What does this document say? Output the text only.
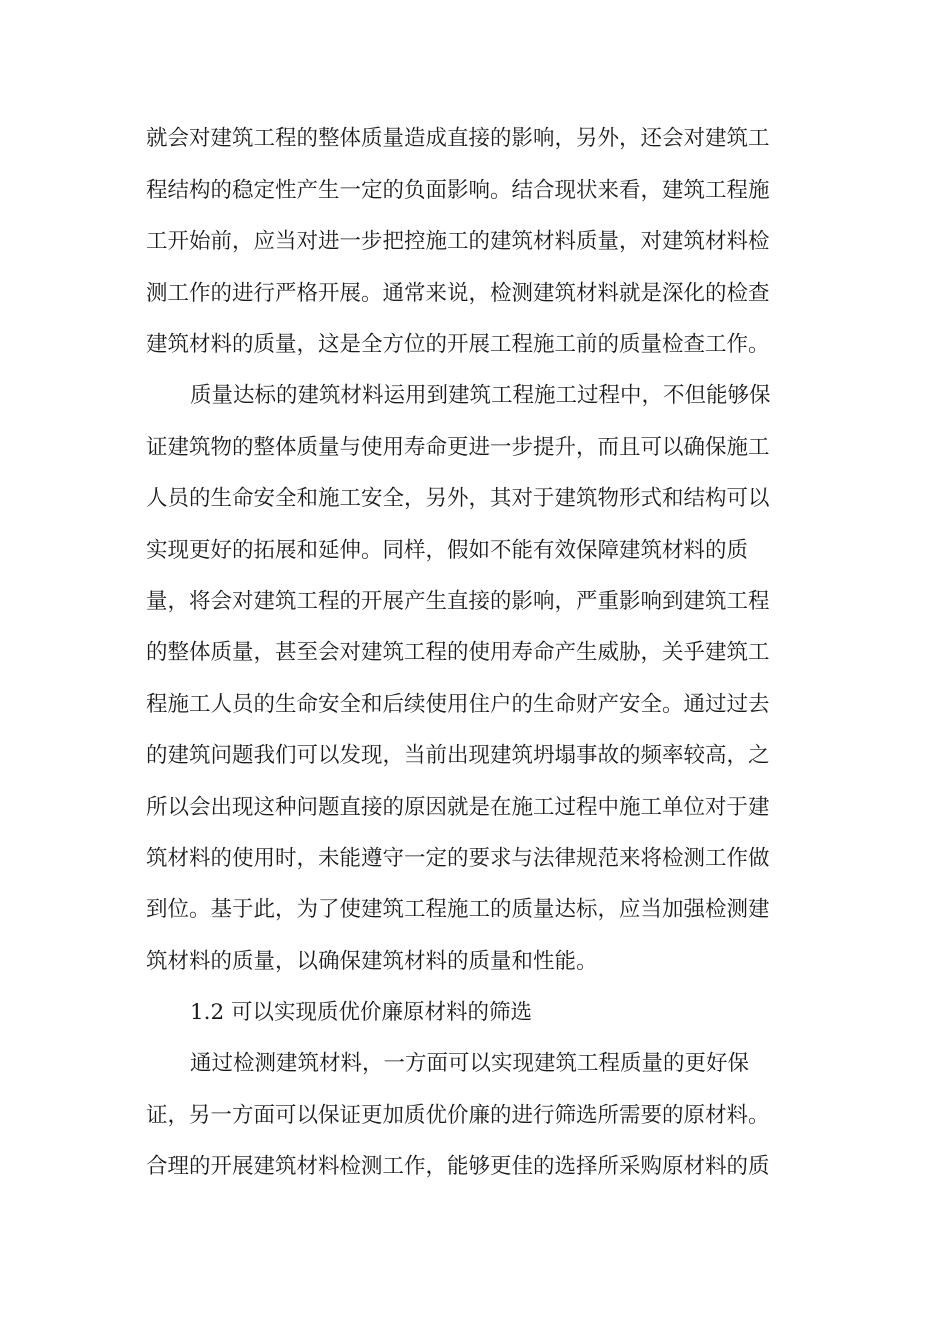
就会对建筑工程的整体质量造成直接的影响，另外，还会对建筑工
程结构的稳定性产生一定的负面影响。结合现状来看，建筑工程施
工开始前，应当对进一步把控施工的建筑材料质量，对建筑材料检
测工作的进行严格开展。通常来说，检测建筑材料就是深化的检查
建筑材料的质量，这是全方位的开展工程施工前的质量检查工作。
质量达标的建筑材料运用到建筑工程施工过程中，不但能够保
证建筑物的整体质量与使用寿命更进一步提升，而且可以确保施工
人员的生命安全和施工安全，另外，其对于建筑物形式和结构可以
实现更好的拓展和延伸。同样，假如不能有效保障建筑材料的质
量，将会对建筑工程的开展产生直接的影响，严重影响到建筑工程
的整体质量，甚至会对建筑工程的使用寿命产生威胁，关乎建筑工
程施工人员的生命安全和后续使用住户的生命财产安全。通过过去
的建筑问题我们可以发现，当前出现建筑坍塌事故的频率较高，之
所以会出现这种问题直接的原因就是在施工过程中施工单位对于建
筑材料的使用时，未能遵守一定的要求与法律规范来将检测工作做
到位。基于此，为了使建筑工程施工的质量达标，应当加强检测建
筑材料的质量，以确保建筑材料的质量和性能。
1.2 可以实现质优价廉原材料的筛选
通过检测建筑材料，一方面可以实现建筑工程质量的更好保
证，另一方面可以保证更加质优价廉的进行筛选所需要的原材料。
合理的开展建筑材料检测工作，能够更佳的选择所采购原材料的质
